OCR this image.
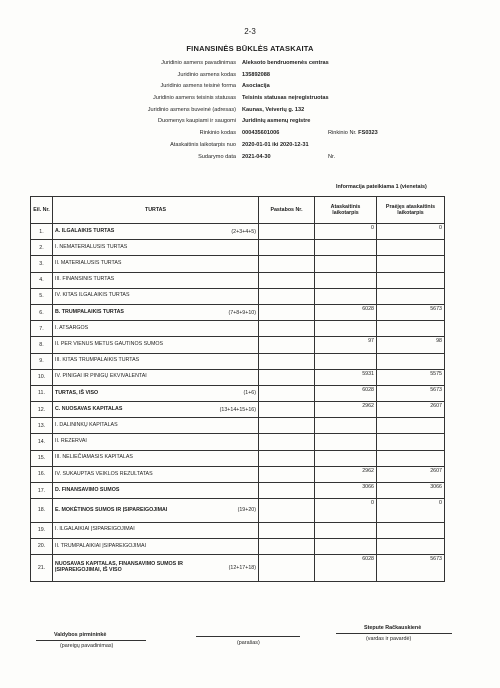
2-3
FINANSINĖS BŪKLĖS ATASKAITA
Juridinio asmens pavadinimas Aleksoto bendruomenės centras
Juridinio asmens kodas 135892088
Juridinio asmens teisinė forma Asociacija
Juridinio asmens teisinis statusas Teisinis statusas neįregistruotas
Juridinio asmens buveinė (adresas) Kaunas, Veiverių g. 132
Duomenys kaupiami ir saugomi Juridinių asmenų registre
Rinkinio kodas 000435601006	Rinkinio Nr. FS0323
Ataskaitinis laikotarpis nuo 2020-01-01 iki 2020-12-31
Sudarymo data 2021-04-30	Nr.
Informacija pateikiama 1 (vienetais)
Eil. Nr.	TURTAS	Pastabos Nr.	Ataskaitinis laikotarpis	Praėjęs ataskaitinis laikotarpis
1.	A. ILGALAIKIS TURTAS (2+3+4+5)		0	0
2.	I. NEMATERIALUSIS TURTAS			

3.	II. MATERIALUSIS TURTAS			

4.	III. FINANSINIS TURTAS			

5.	IV. KITAS ILGALAIKIS TURTAS			

6.	B. TRUMPALAIKIS TURTAS (7+8+9+10)		6028	5673
7.	I. ATSARGOS			

8.	II. PER VIENUS METUS GAUTINOS SUMOS		97	98
9.	III. KITAS TRUMPALAIKIS TURTAS			

10.	IV. PINIGAI IR PINIGŲ EKVIVALENTAI		5931	5575
11.	TURTAS, IŠ VISO (1+6)		6028	5673
12.	C. NUOSAVAS KAPITALAS (13+14+15+16)		2962	2607
13.	I. DALININKŲ KAPITALAS			

14.	II. REZERVAI			

15.	III. NELIEČIAMASIS KAPITALAS			

16.	IV. SUKAUPTAS VEIKLOS REZULTATAS		2962	2607
17.	D. FINANSAVIMO SUMOS		3066	3066
18.	E. MOKĖTINOS SUMOS IR ĮSIPAREIGOJIMAI (19+20)		0	0
19.	I. ILGALAIKIAI ĮSIPAREIGOJIMAI			

20.	II. TRUMPALAIKIAI ĮSIPAREIGOJIMAI			

21.	NUOSAVAS KAPITALAS, FINANSAVIMO SUMOS IR ĮSIPAREIGOJIMAI, IŠ VISO (12+17+18)		6028	5673
Valdybos pirmininkė
(pareigų pavadinimas)	(parašas)
Stepute Račkauskienė
(vardas ir pavardė)
